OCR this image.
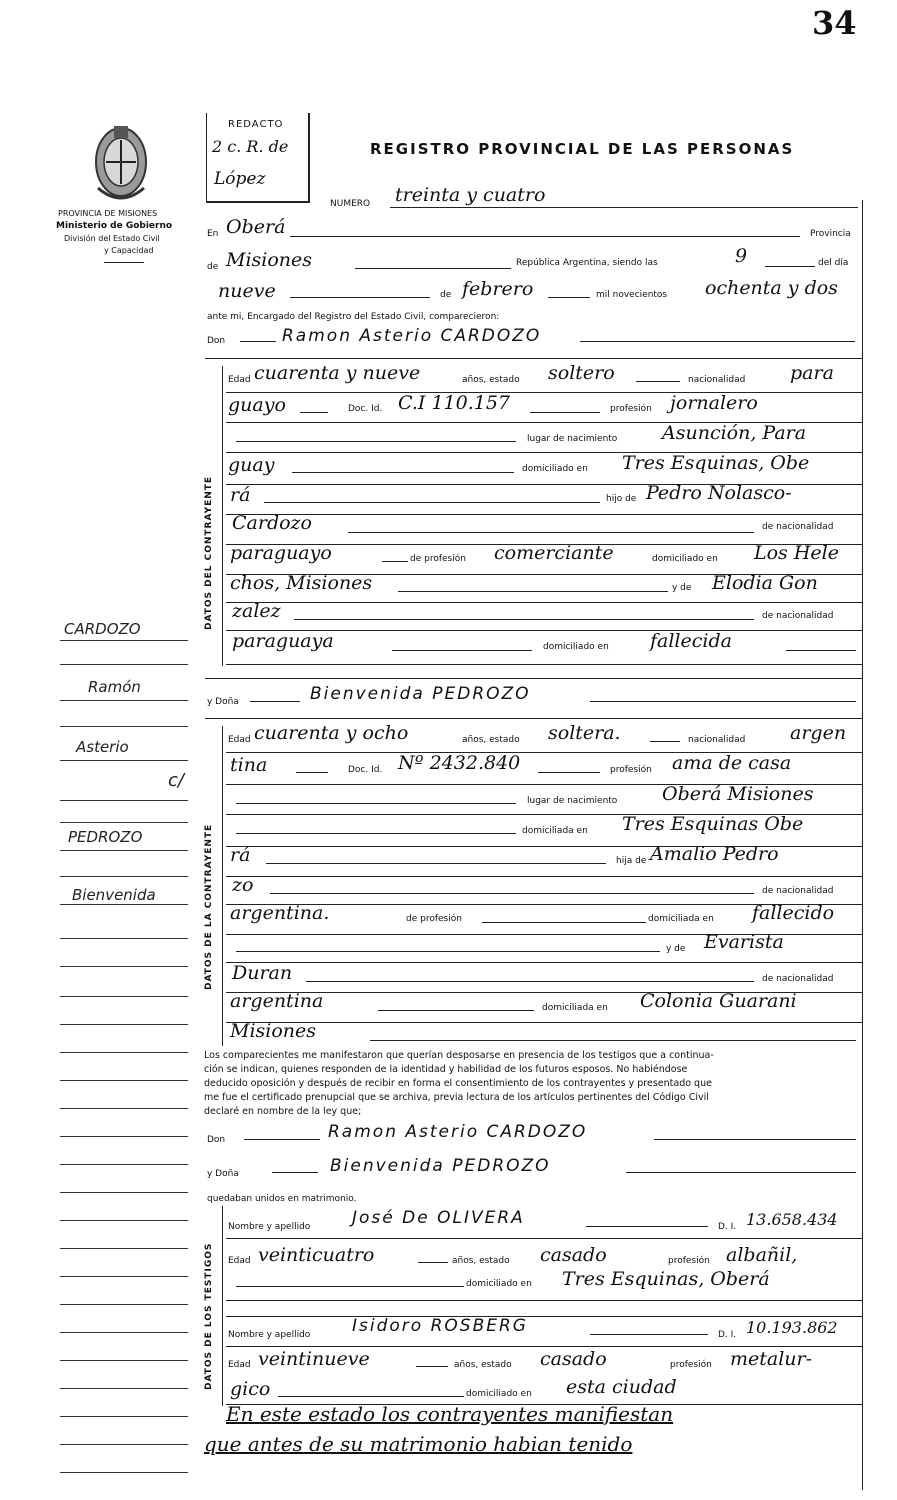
34
PROVINCIA DE MISIONES
Ministerio de Gobierno
División del Estado Civil
y Capacidad
REDACTO
2 c. R. de
López
REGISTRO PROVINCIAL DE LAS PERSONAS
NUMERO treinta y cuatro
En Oberá	Provincia
de Misiones	República Argentina, siendo las	9	del día
nueve	de febrero	mil novecientos ochenta y dos
ante mi, Encargado del Registro del Estado Civil, comparecieron:
Don	Ramon Asterio CARDOZO
DATOS DEL CONTRAYENTE
Edad cuarenta y nueve	años, estado soltero	nacionalidad para
guayo	Doc. Id. C.I 110.157	profesión jornalero
lugar de nacimiento Asunción, Para
guay	domiciliado en Tres Esquinas, Obe
rá	hijo de Pedro Nolasco-
Cardozo	de nacionalidad
paraguayo	de profesión comerciante	domiciliado en Los Hele
chos, Misiones	y de Elodia Gon
zalez	de nacionalidad
paraguaya	domiciliado en fallecida
y Doña	Bienvenida PEDROZO
DATOS DE LA CONTRAYENTE
Edad cuarenta y ocho	años, estado soltera.	nacionalidad argen
tina	Doc. Id. Nº 2432.840	profesión ama de casa
lugar de nacimiento Oberá Misiones
domiciliada en Tres Esquinas Obe
rá	hija de Amalio Pedro
zo	de nacionalidad
argentina.	de profesión	domiciliada en fallecido
y de Evarista
Duran	de nacionalidad
argentina	domiciliada en Colonia Guarani
Misiones
Los comparecientes me manifestaron que querían desposarse en presencia de los testigos que a continua-
ción se indican, quienes responden de la identidad y habilidad de los futuros esposos. No habiéndose
deducido oposición y después de recibir en forma el consentimiento de los contrayentes y presentado que
me fue el certificado prenupcial que se archiva, previa lectura de los artículos pertinentes del Código Civil
declaré en nombre de la ley que;
Don	Ramon Asterio CARDOZO
y Doña	Bienvenida PEDROZO
quedaban unidos en matrimonio.
DATOS DE LOS TESTIGOS
Nombre y apellido José De OLIVERA	D. I. 13.658.434
Edad veinticuatro	años, estado casado	profesión albañil,
domiciliado en Tres Esquinas, Oberá
Nombre y apellido Isidoro ROSBERG	D. I. 10.193.862
Edad veintinueve	años, estado casado	profesión metalur-
gico	domiciliado en esta ciudad
En este estado los contrayentes manifiestan
que antes de su matrimonio habian tenido
CARDOZO
Ramón
Asterio
c/
PEDROZO
Bienvenida
